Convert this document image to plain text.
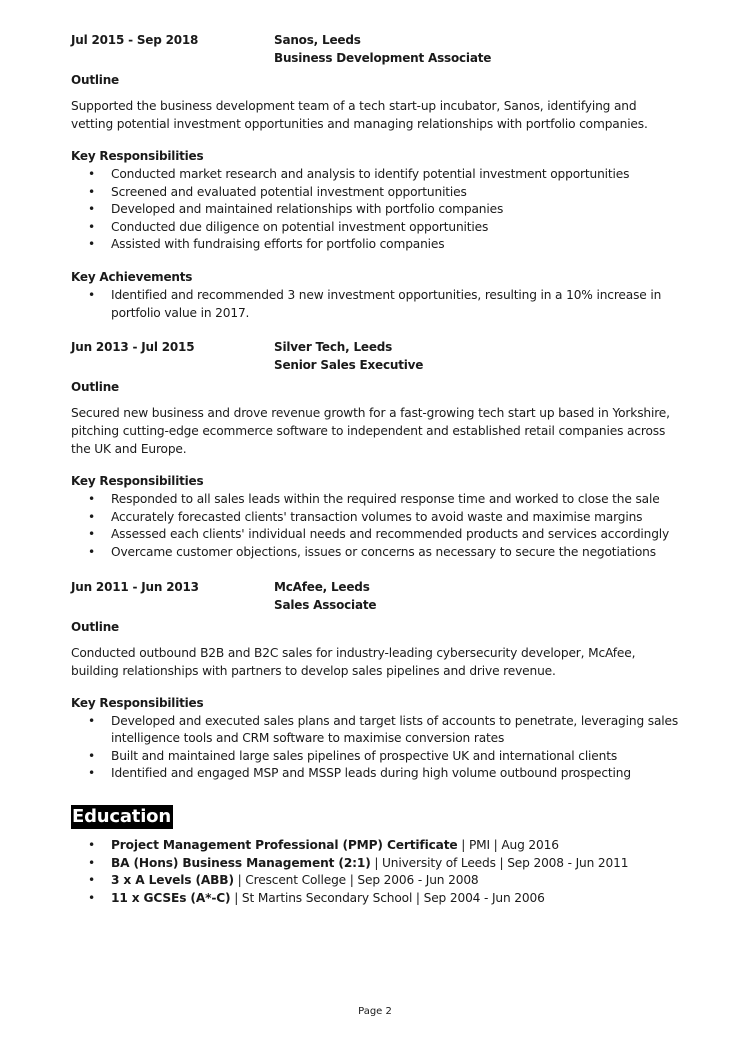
Jul 2015 - Sep 2018	Sanos, Leeds
Business Development Associate
Outline
Supported the business development team of a tech start-up incubator, Sanos, identifying and vetting potential investment opportunities and managing relationships with portfolio companies.
Key Responsibilities
• Conducted market research and analysis to identify potential investment opportunities
• Screened and evaluated potential investment opportunities
• Developed and maintained relationships with portfolio companies
• Conducted due diligence on potential investment opportunities
• Assisted with fundraising efforts for portfolio companies
Key Achievements
• Identified and recommended 3 new investment opportunities, resulting in a 10% increase in portfolio value in 2017.
Jun 2013 - Jul 2015	Silver Tech, Leeds
Senior Sales Executive
Outline
Secured new business and drove revenue growth for a fast-growing tech start up based in Yorkshire, pitching cutting-edge ecommerce software to independent and established retail companies across the UK and Europe.
Key Responsibilities
• Responded to all sales leads within the required response time and worked to close the sale
• Accurately forecasted clients' transaction volumes to avoid waste and maximise margins
• Assessed each clients' individual needs and recommended products and services accordingly
• Overcame customer objections, issues or concerns as necessary to secure the negotiations
Jun 2011 - Jun 2013	McAfee, Leeds
Sales Associate
Outline
Conducted outbound B2B and B2C sales for industry-leading cybersecurity developer, McAfee, building relationships with partners to develop sales pipelines and drive revenue.
Key Responsibilities
• Developed and executed sales plans and target lists of accounts to penetrate, leveraging sales intelligence tools and CRM software to maximise conversion rates
• Built and maintained large sales pipelines of prospective UK and international clients
• Identified and engaged MSP and MSSP leads during high volume outbound prospecting
Education
• Project Management Professional (PMP) Certificate | PMI | Aug 2016
• BA (Hons) Business Management (2:1) | University of Leeds | Sep 2008 - Jun 2011
• 3 x A Levels (ABB) | Crescent College | Sep 2006 - Jun 2008
• 11 x GCSEs (A*-C) | St Martins Secondary School | Sep 2004 - Jun 2006
Page 2
